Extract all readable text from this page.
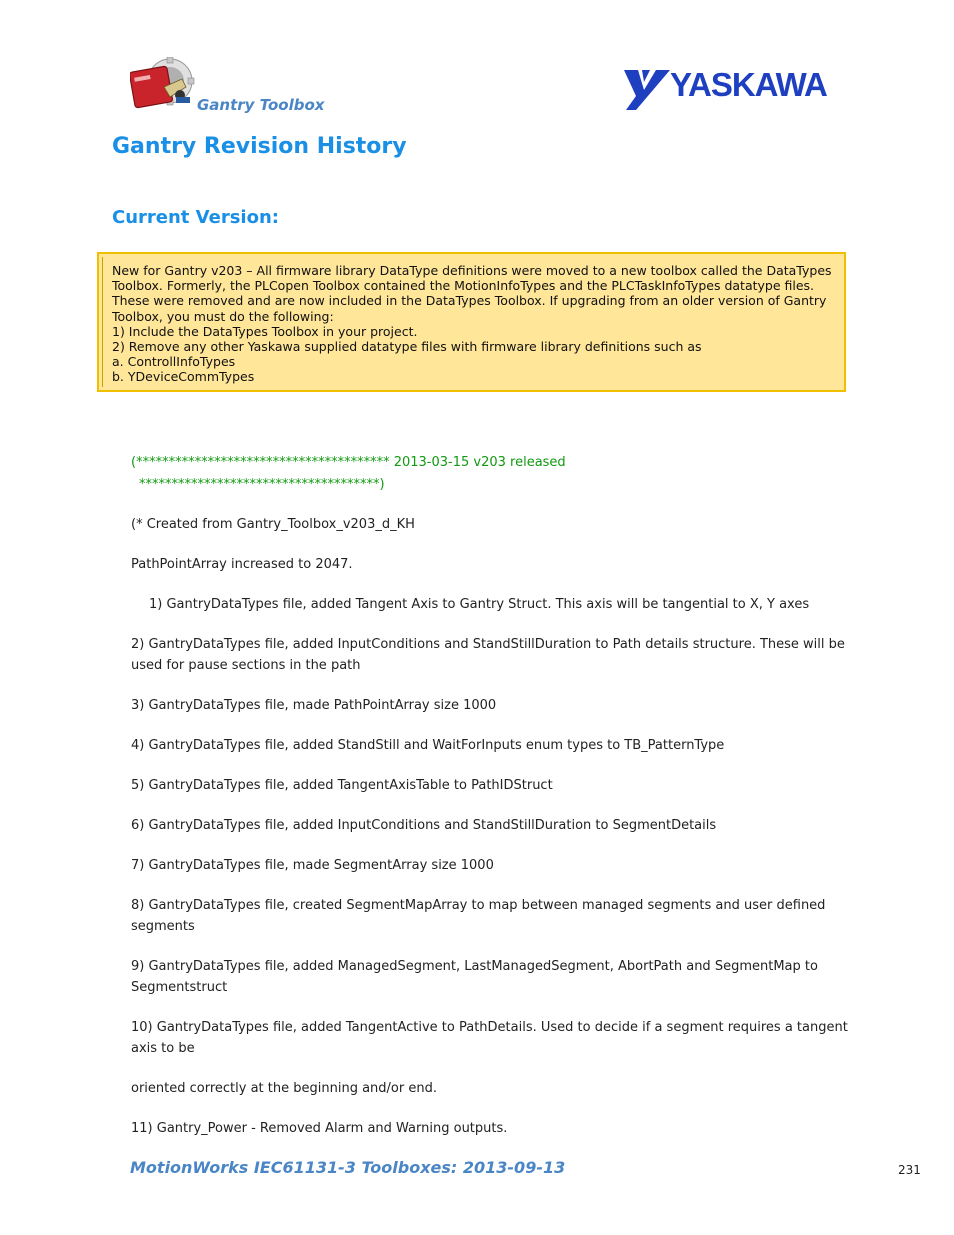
Gantry Toolbox
YASKAWA
Gantry Revision History
Current Version:
New for Gantry v203 – All firmware library DataType definitions were moved to a new toolbox called the DataTypes Toolbox. Formerly, the PLCopen Toolbox contained the MotionInfoTypes and the PLCTaskInfoTypes datatype files. These were removed and are now included in the DataTypes Toolbox. If upgrading from an older version of Gantry Toolbox, you must do the following:
1) Include the DataTypes Toolbox in your project.
2) Remove any other Yaskawa supplied datatype files with firmware library definitions such as
a. ControllInfoTypes
b. YDeviceCommTypes
(*************************************** 2013-03-15 v203 released
*************************************)
(* Created from Gantry_Toolbox_v203_d_KH
PathPointArray increased to 2047.
1) GantryDataTypes file, added Tangent Axis to Gantry Struct. This axis will be tangential to X, Y axes
2) GantryDataTypes file, added InputConditions and StandStillDuration to Path details structure. These will be
used for pause sections in the path
3) GantryDataTypes file, made PathPointArray size 1000
4) GantryDataTypes file, added StandStill and WaitForInputs enum types to TB_PatternType
5) GantryDataTypes file, added TangentAxisTable to PathIDStruct
6) GantryDataTypes file, added InputConditions and StandStillDuration to SegmentDetails
7) GantryDataTypes file, made SegmentArray size 1000
8) GantryDataTypes file, created SegmentMapArray to map between managed segments and user defined
segments
9) GantryDataTypes file, added ManagedSegment, LastManagedSegment, AbortPath and SegmentMap to
Segmentstruct
10) GantryDataTypes file, added TangentActive to PathDetails. Used to decide if a segment requires a tangent
axis to be
oriented correctly at the beginning and/or end.
11) Gantry_Power - Removed Alarm and Warning outputs.
MotionWorks IEC61131-3 Toolboxes: 2013-09-13	231
